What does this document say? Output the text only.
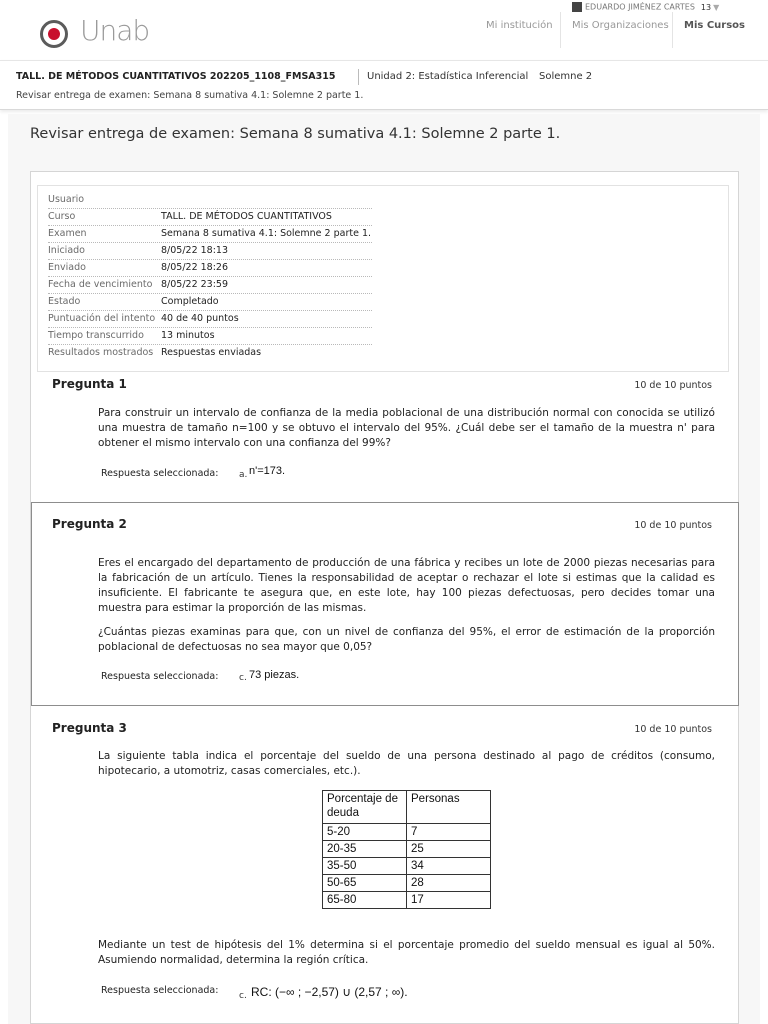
Unab
EDUARDO JIMÉNEZ CARTES 13 ▼
Mi institución Mis Organizaciones Mis Cursos
TALL. DE MÉTODOS CUANTITATIVOS 202205_1108_FMSA315	Unidad 2: Estadística Inferencial Solemne 2
Revisar entrega de examen: Semana 8 sumativa 4.1: Solemne 2 parte 1.
Revisar entrega de examen: Semana 8 sumativa 4.1: Solemne 2 parte 1.
Usuario
Curso	TALL. DE MÉTODOS CUANTITATIVOS
Examen	Semana 8 sumativa 4.1: Solemne 2 parte 1.
Iniciado	8/05/22 18:13
Enviado	8/05/22 18:26
Fecha de vencimiento 8/05/22 23:59
Estado	Completado
Puntuación del intento 40 de 40 puntos
Tiempo transcurrido 13 minutos
Resultados mostrados Respuestas enviadas
Pregunta 1	10 de 10 puntos
Para construir un intervalo de confianza de la media poblacional de una distribución normal con conocida se utilizó una muestra de tamaño n=100 y se obtuvo el intervalo del 95%. ¿Cuál debe ser el tamaño de la muestra n' para obtener el mismo intervalo con una confianza del 99%?
Respuesta seleccionada: a. n'=173.
Pregunta 2	10 de 10 puntos
Eres el encargado del departamento de producción de una fábrica y recibes un lote de 2000 piezas necesarias para la fabricación de un artículo. Tienes la responsabilidad de aceptar o rechazar el lote si estimas que la calidad es insuficiente. El fabricante te asegura que, en este lote, hay 100 piezas defectuosas, pero decides tomar una muestra para estimar la proporción de las mismas.
¿Cuántas piezas examinas para que, con un nivel de confianza del 95%, el error de estimación de la proporción poblacional de defectuosas no sea mayor que 0,05?
Respuesta seleccionada: c. 73 piezas.
Pregunta 3	10 de 10 puntos
La siguiente tabla indica el porcentaje del sueldo de una persona destinado al pago de créditos (consumo, hipotecario, a utomotriz, casas comerciales, etc.).
Porcentaje de deuda	Personas
5-20	7
20-35	25
35-50	34
50-65	28
65-80	17
Mediante un test de hipótesis del 1% determina si el porcentaje promedio del sueldo mensual es igual al 50%. Asumiendo normalidad, determina la región crítica.
Respuesta seleccionada: c. RC: (−∞ ; −2,57) ∪ (2,57 ; ∞).
